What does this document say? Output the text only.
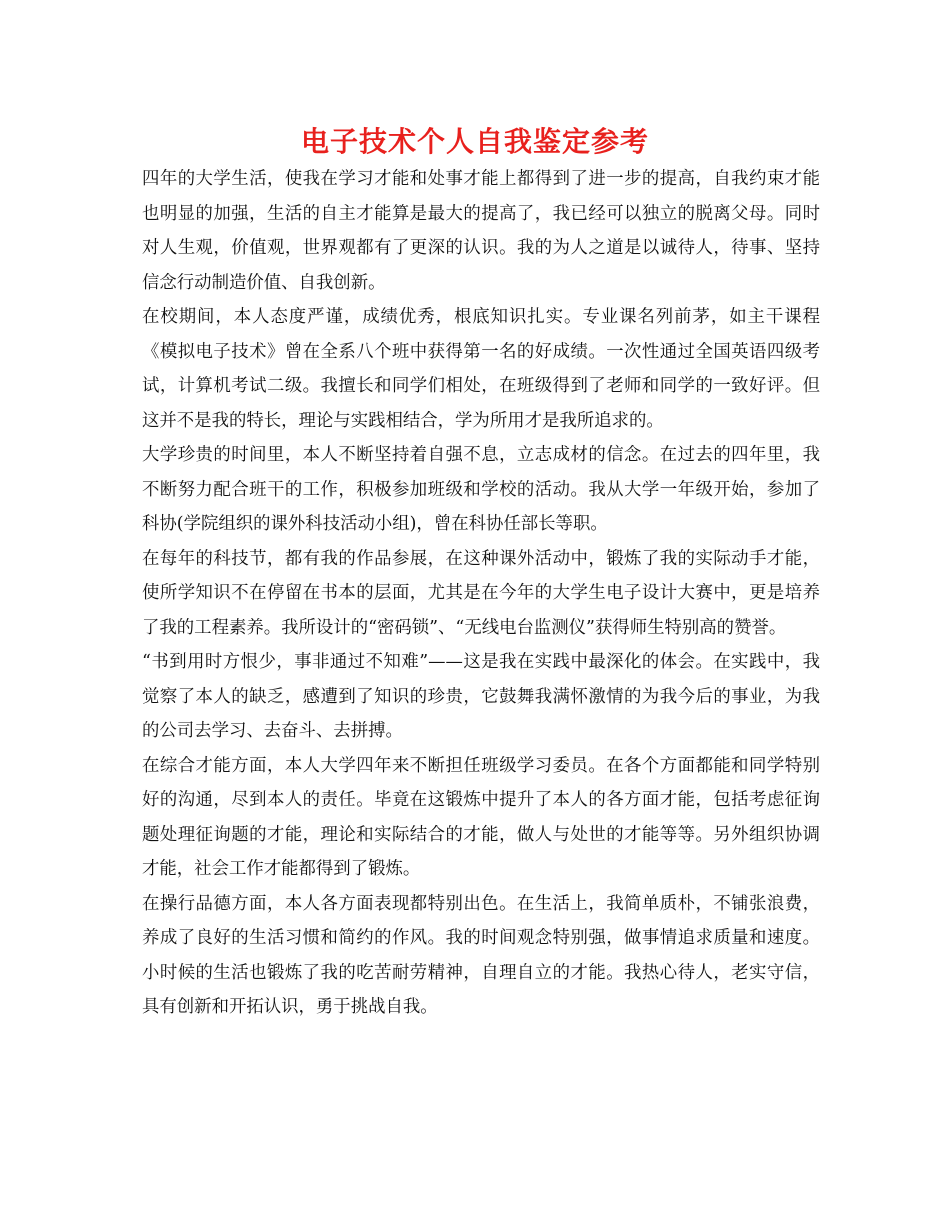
电子技术个人自我鉴定参考

四年的大学生活，使我在学习才能和处事才能上都得到了进一步的提高，自我约束才能也明显的加强，生活的自主才能算是最大的提高了，我已经可以独立的脱离父母。同时对人生观，价值观，世界观都有了更深的认识。我的为人之道是以诚待人，待事、坚持信念行动制造价值、自我创新。

在校期间，本人态度严谨，成绩优秀，根底知识扎实。专业课名列前茅，如主干课程《模拟电子技术》曾在全系八个班中获得第一名的好成绩。一次性通过全国英语四级考试，计算机考试二级。我擅长和同学们相处，在班级得到了老师和同学的一致好评。但这并不是我的特长，理论与实践相结合，学为所用才是我所追求的。

大学珍贵的时间里，本人不断坚持着自强不息，立志成材的信念。在过去的四年里，我不断努力配合班干的工作，积极参加班级和学校的活动。我从大学一年级开始，参加了科协(学院组织的课外科技活动小组)，曾在科协任部长等职。

在每年的科技节，都有我的作品参展，在这种课外活动中，锻炼了我的实际动手才能，使所学知识不在停留在书本的层面，尤其是在今年的大学生电子设计大赛中，更是培养了我的工程素养。我所设计的“密码锁”、“无线电台监测仪”获得师生特别高的赞誉。

“书到用时方恨少，事非通过不知难”——这是我在实践中最深化的体会。在实践中，我觉察了本人的缺乏，感遭到了知识的珍贵，它鼓舞我满怀激情的为我今后的事业，为我的公司去学习、去奋斗、去拼搏。

在综合才能方面，本人大学四年来不断担任班级学习委员。在各个方面都能和同学特别好的沟通，尽到本人的责任。毕竟在这锻炼中提升了本人的各方面才能，包括考虑征询题处理征询题的才能，理论和实际结合的才能，做人与处世的才能等等。另外组织协调才能，社会工作才能都得到了锻炼。

在操行品德方面，本人各方面表现都特别出色。在生活上，我简单质朴，不铺张浪费，养成了良好的生活习惯和简约的作风。我的时间观念特别强，做事情追求质量和速度。小时候的生活也锻炼了我的吃苦耐劳精神，自理自立的才能。我热心待人，老实守信，具有创新和开拓认识，勇于挑战自我。
